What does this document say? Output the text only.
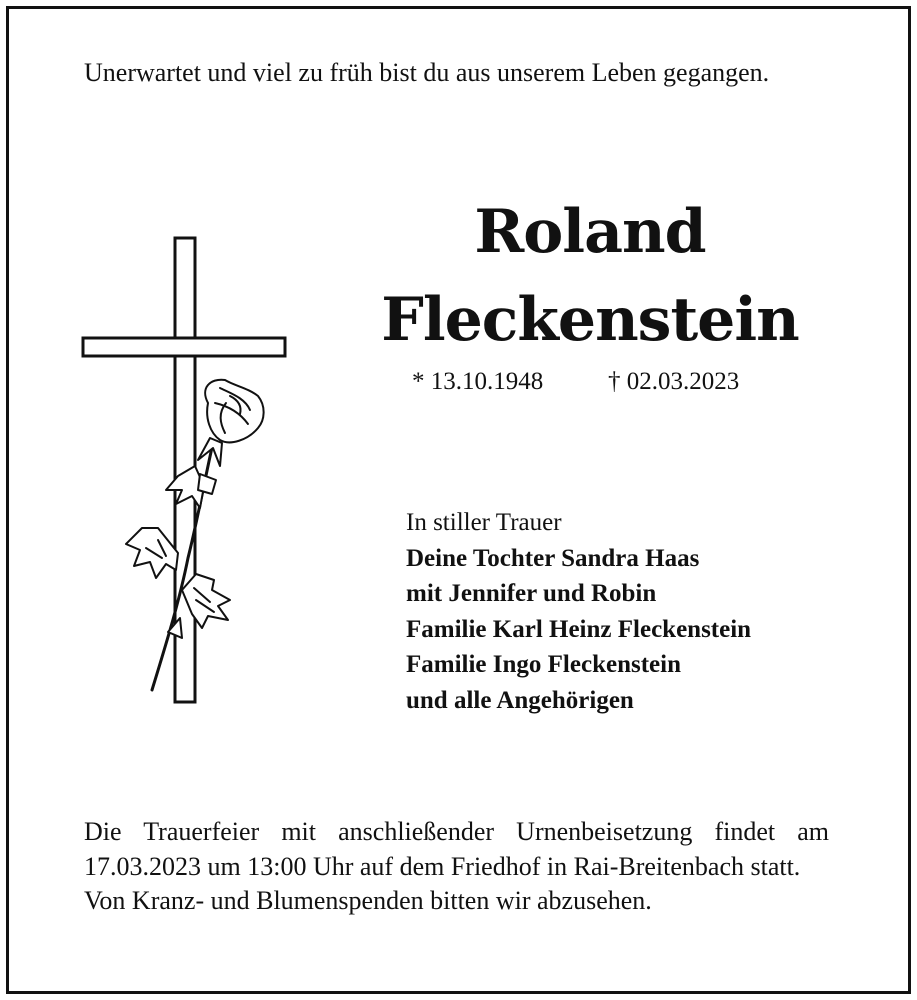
Unerwartet und viel zu früh bist du aus unserem Leben gegangen.
Roland
Fleckenstein
* 13.10.1948	† 02.03.2023
In stiller Trauer
Deine Tochter Sandra Haas
mit Jennifer und Robin
Familie Karl Heinz Fleckenstein
Familie Ingo Fleckenstein
und alle Angehörigen

Die Trauerfeier mit anschließender Urnenbeisetzung findet am 17.03.2023 um 13:00 Uhr auf dem Friedhof in Rai-Breitenbach statt.

Von Kranz- und Blumenspenden bitten wir abzusehen.
